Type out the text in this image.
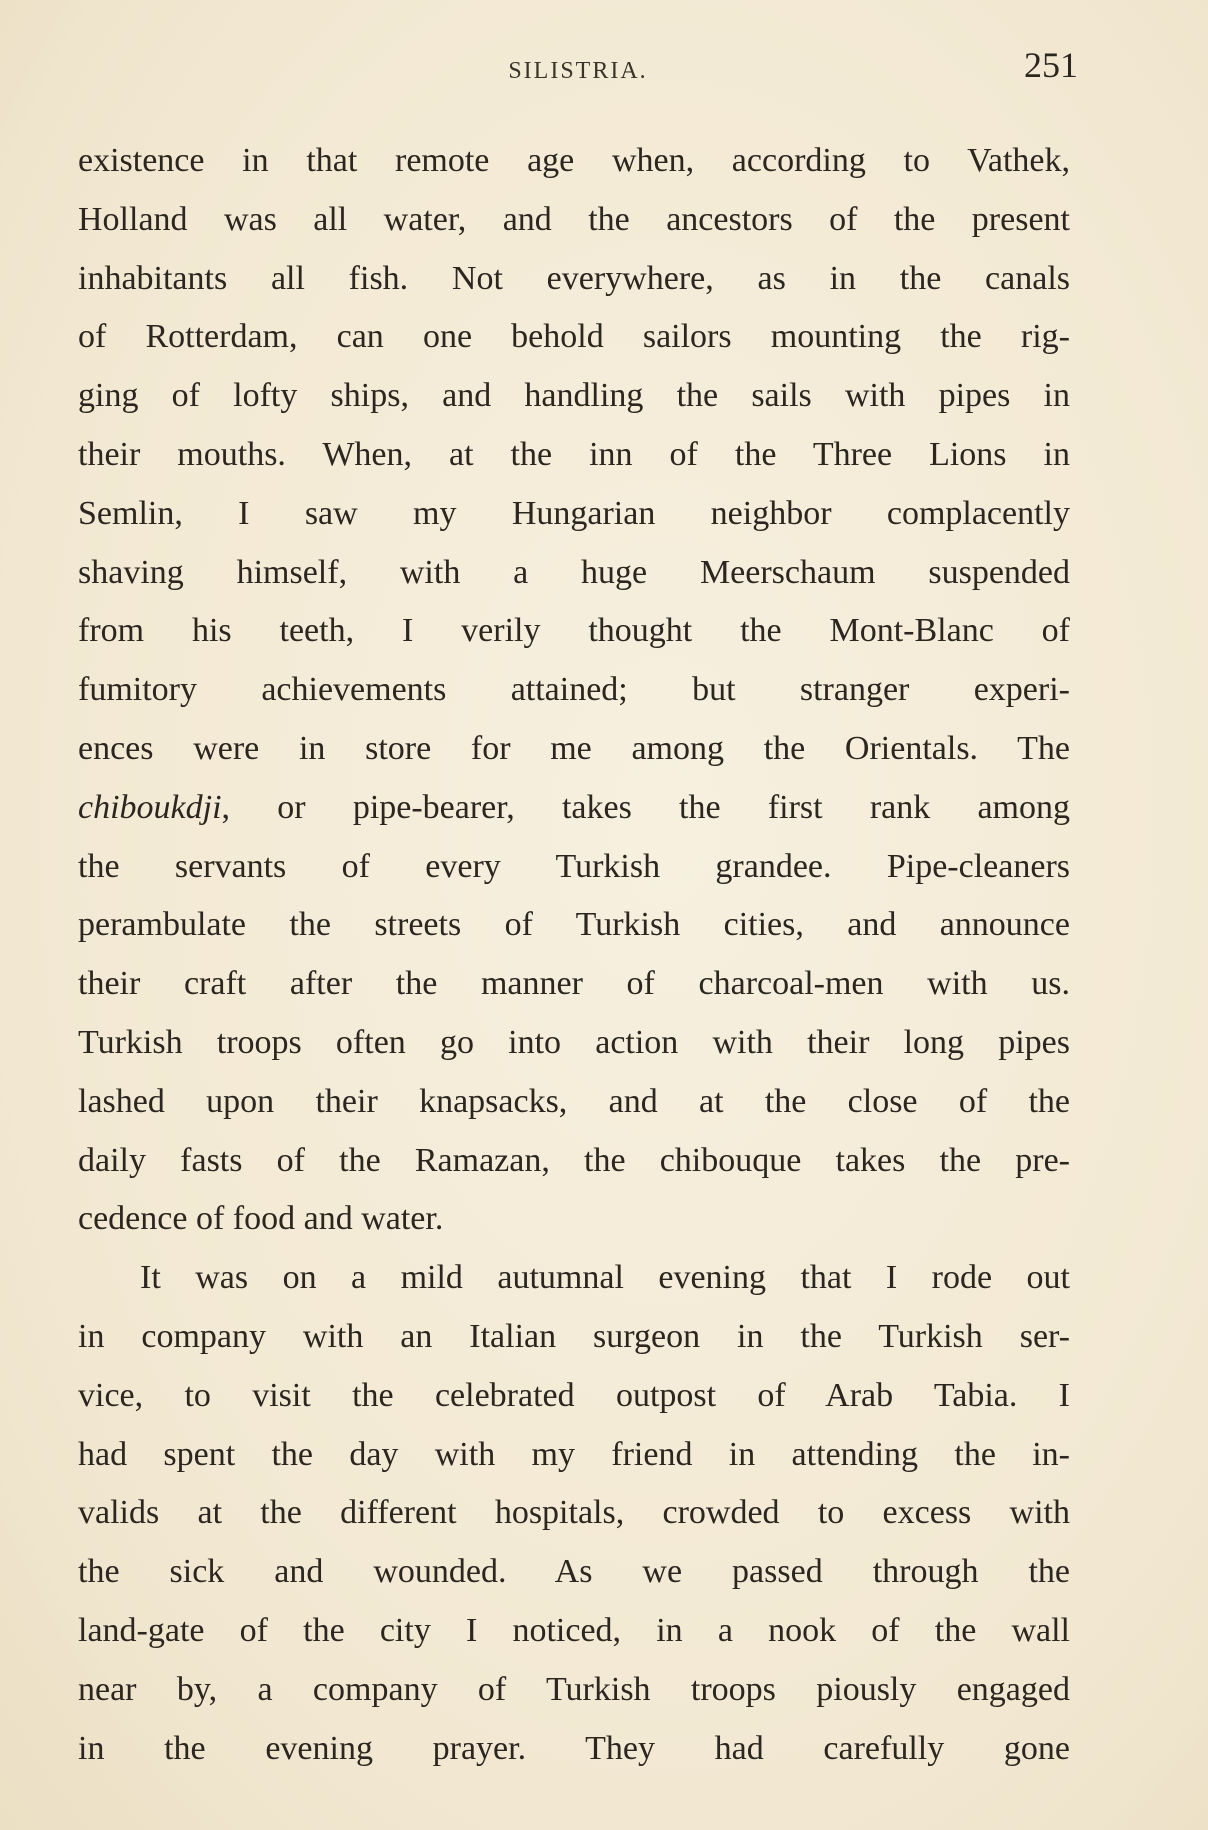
SILISTRIA.	251
existence in that remote age when, according to Vathek,
Holland was all water, and the ancestors of the present
inhabitants all fish. Not everywhere, as in the canals
of Rotterdam, can one behold sailors mounting the rig-
ging of lofty ships, and handling the sails with pipes in
their mouths. When, at the inn of the Three Lions in
Semlin, I saw my Hungarian neighbor complacently
shaving himself, with a huge Meerschaum suspended
from his teeth, I verily thought the Mont-Blanc of
fumitory achievements attained; but stranger experi-
ences were in store for me among the Orientals. The
chiboukdji, or pipe-bearer, takes the first rank among
the servants of every Turkish grandee. Pipe-cleaners
perambulate the streets of Turkish cities, and announce
their craft after the manner of charcoal-men with us.
Turkish troops often go into action with their long pipes
lashed upon their knapsacks, and at the close of the
daily fasts of the Ramazan, the chibouque takes the pre-
cedence of food and water.
It was on a mild autumnal evening that I rode out
in company with an Italian surgeon in the Turkish ser-
vice, to visit the celebrated outpost of Arab Tabia. I
had spent the day with my friend in attending the in-
valids at the different hospitals, crowded to excess with
the sick and wounded. As we passed through the
land-gate of the city I noticed, in a nook of the wall
near by, a company of Turkish troops piously engaged
in the evening prayer. They had carefully gone
